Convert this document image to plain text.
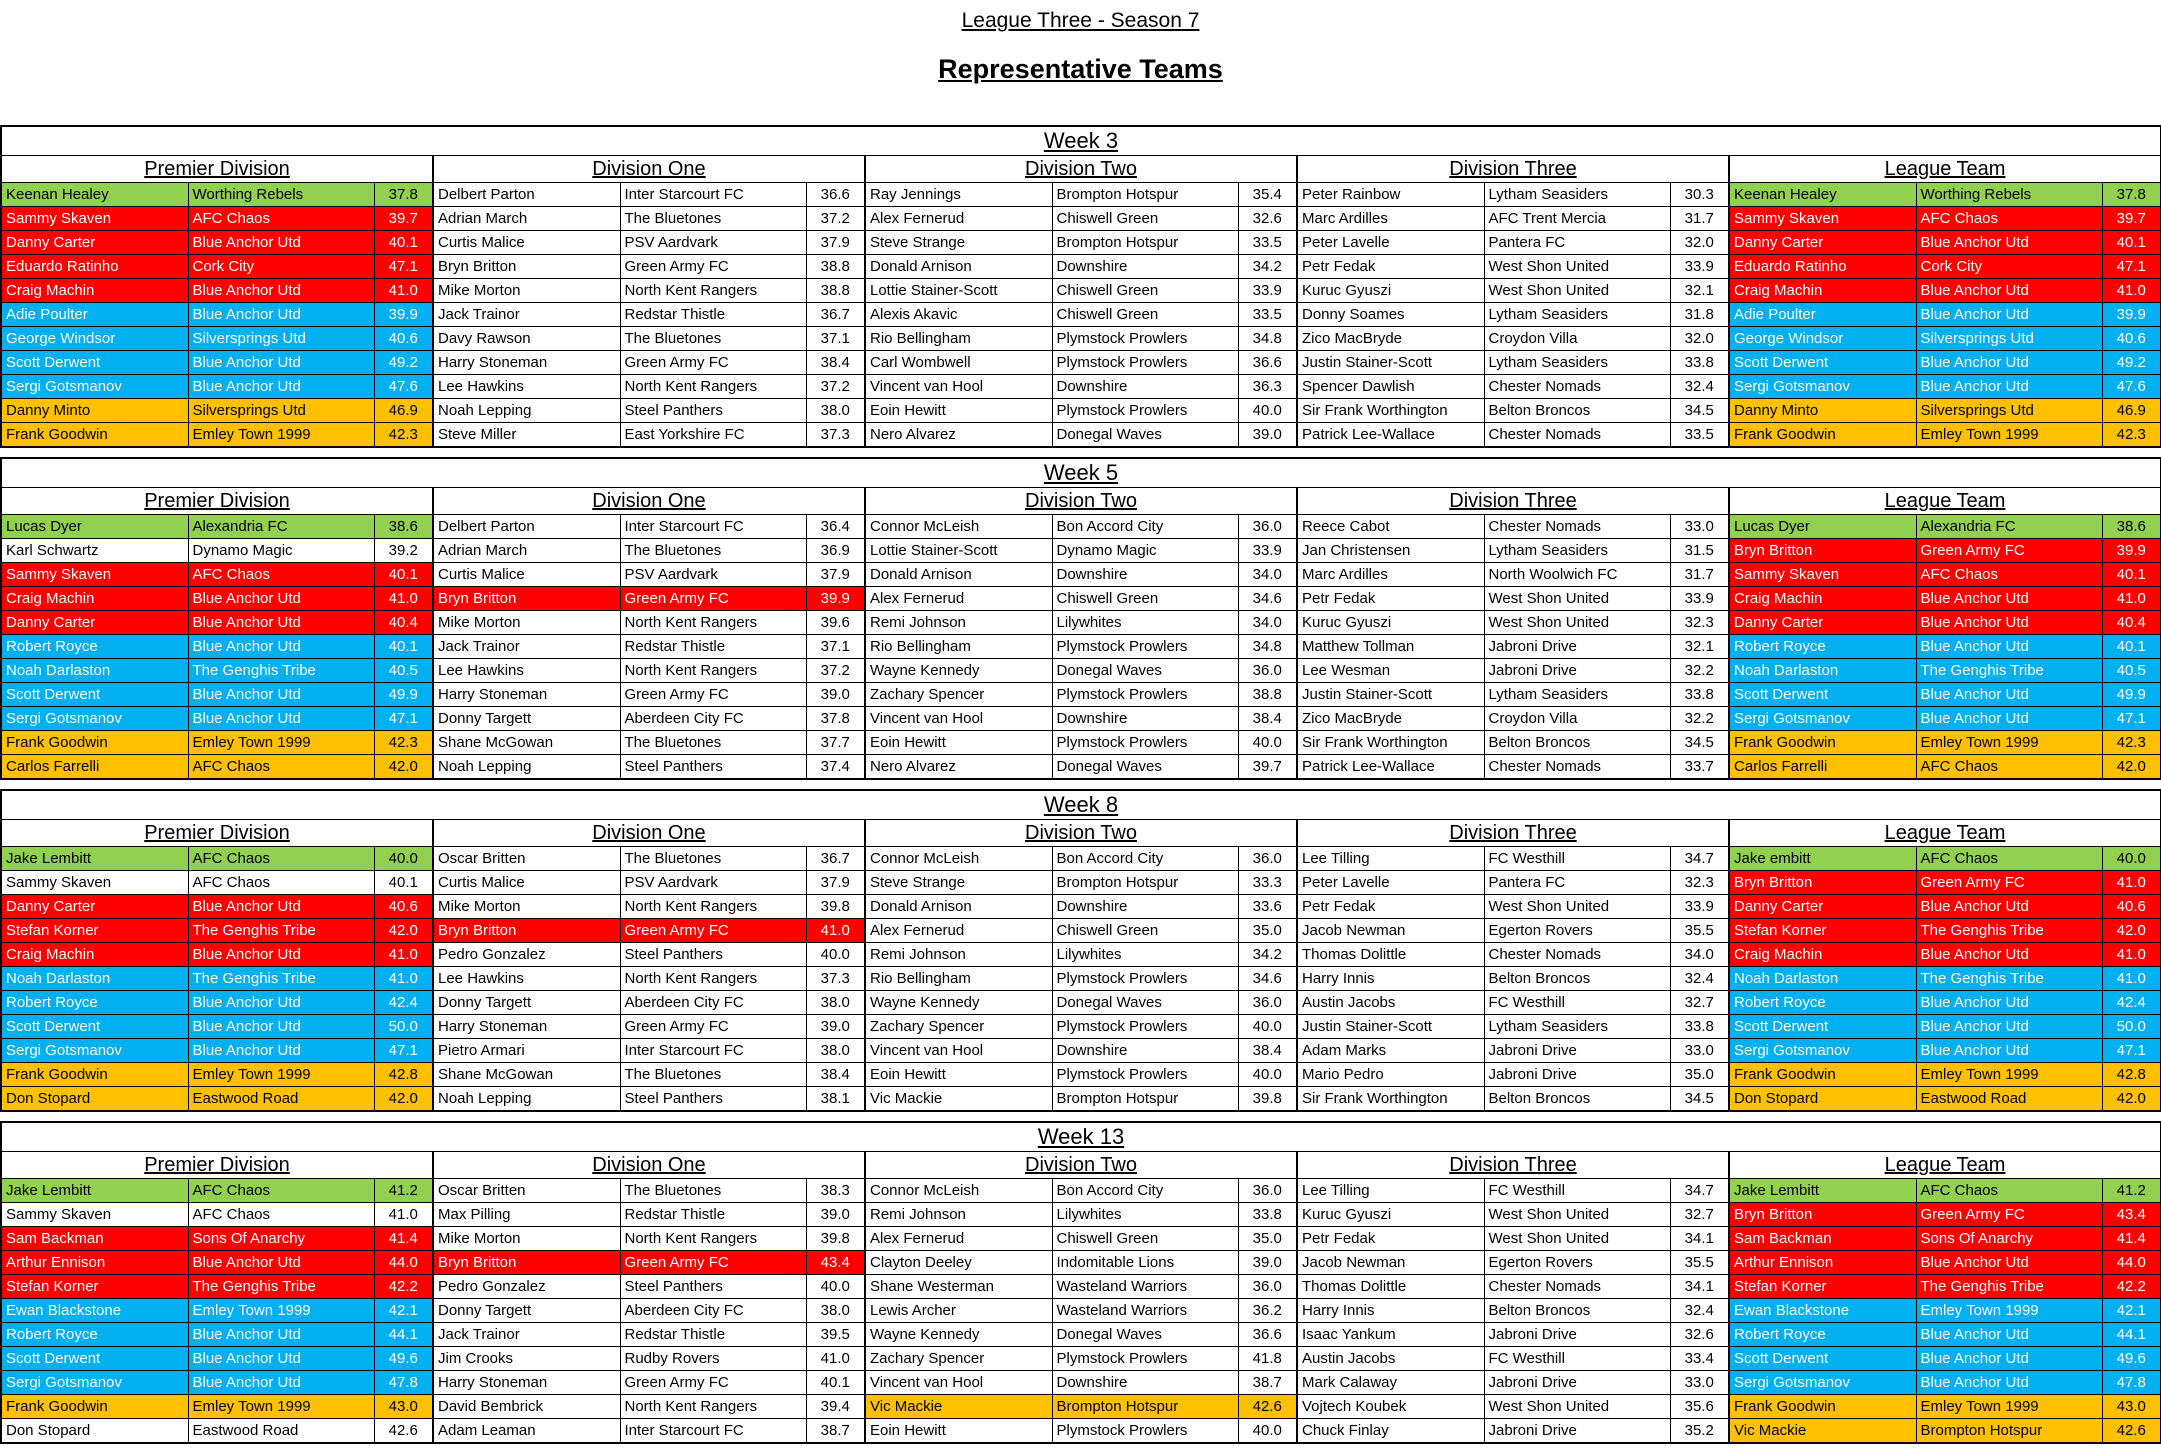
League Three - Season 7
Representative Teams
Week 3														
Premier Division			Division One			Division Two			Division Three			League Team		
Keenan Healey	Worthing Rebels	37.8	Delbert Parton	Inter Starcourt FC	36.6	Ray Jennings	Brompton Hotspur	35.4	Peter Rainbow	Lytham Seasiders	30.3	Keenan Healey	Worthing Rebels	37.8
Sammy Skaven	AFC Chaos	39.7	Adrian March	The Bluetones	37.2	Alex Fernerud	Chiswell Green	32.6	Marc Ardilles	AFC Trent Mercia	31.7	Sammy Skaven	AFC Chaos	39.7
Danny Carter	Blue Anchor Utd	40.1	Curtis Malice	PSV Aardvark	37.9	Steve Strange	Brompton Hotspur	33.5	Peter Lavelle	Pantera FC	32.0	Danny Carter	Blue Anchor Utd	40.1
Eduardo Ratinho	Cork City	47.1	Bryn Britton	Green Army FC	38.8	Donald Arnison	Downshire	34.2	Petr Fedak	West Shon United	33.9	Eduardo Ratinho	Cork City	47.1
Craig Machin	Blue Anchor Utd	41.0	Mike Morton	North Kent Rangers	38.8	Lottie Stainer-Scott	Chiswell Green	33.9	Kuruc Gyuszi	West Shon United	32.1	Craig Machin	Blue Anchor Utd	41.0
Adie Poulter	Blue Anchor Utd	39.9	Jack Trainor	Redstar Thistle	36.7	Alexis Akavic	Chiswell Green	33.5	Donny Soames	Lytham Seasiders	31.8	Adie Poulter	Blue Anchor Utd	39.9
George Windsor	Silversprings Utd	40.6	Davy Rawson	The Bluetones	37.1	Rio Bellingham	Plymstock Prowlers	34.8	Zico MacBryde	Croydon Villa	32.0	George Windsor	Silversprings Utd	40.6
Scott Derwent	Blue Anchor Utd	49.2	Harry Stoneman	Green Army FC	38.4	Carl Wombwell	Plymstock Prowlers	36.6	Justin Stainer-Scott	Lytham Seasiders	33.8	Scott Derwent	Blue Anchor Utd	49.2
Sergi Gotsmanov	Blue Anchor Utd	47.6	Lee Hawkins	North Kent Rangers	37.2	Vincent van Hool	Downshire	36.3	Spencer Dawlish	Chester Nomads	32.4	Sergi Gotsmanov	Blue Anchor Utd	47.6
Danny Minto	Silversprings Utd	46.9	Noah Lepping	Steel Panthers	38.0	Eoin Hewitt	Plymstock Prowlers	40.0	Sir Frank Worthington	Belton Broncos	34.5	Danny Minto	Silversprings Utd	46.9
Frank Goodwin	Emley Town 1999	42.3	Steve Miller	East Yorkshire FC	37.3	Nero Alvarez	Donegal Waves	39.0	Patrick Lee-Wallace	Chester Nomads	33.5	Frank Goodwin	Emley Town 1999	42.3
Week 5														
Premier Division			Division One			Division Two			Division Three			League Team		
Lucas Dyer	Alexandria FC	38.6	Delbert Parton	Inter Starcourt FC	36.4	Connor McLeish	Bon Accord City	36.0	Reece Cabot	Chester Nomads	33.0	Lucas Dyer	Alexandria FC	38.6
Karl Schwartz	Dynamo Magic	39.2	Adrian March	The Bluetones	36.9	Lottie Stainer-Scott	Dynamo Magic	33.9	Jan Christensen	Lytham Seasiders	31.5	Bryn Britton	Green Army FC	39.9
Sammy Skaven	AFC Chaos	40.1	Curtis Malice	PSV Aardvark	37.9	Donald Arnison	Downshire	34.0	Marc Ardilles	North Woolwich FC	31.7	Sammy Skaven	AFC Chaos	40.1
Craig Machin	Blue Anchor Utd	41.0	Bryn Britton	Green Army FC	39.9	Alex Fernerud	Chiswell Green	34.6	Petr Fedak	West Shon United	33.9	Craig Machin	Blue Anchor Utd	41.0
Danny Carter	Blue Anchor Utd	40.4	Mike Morton	North Kent Rangers	39.6	Remi Johnson	Lilywhites	34.0	Kuruc Gyuszi	West Shon United	32.3	Danny Carter	Blue Anchor Utd	40.4
Robert Royce	Blue Anchor Utd	40.1	Jack Trainor	Redstar Thistle	37.1	Rio Bellingham	Plymstock Prowlers	34.8	Matthew Tollman	Jabroni Drive	32.1	Robert Royce	Blue Anchor Utd	40.1
Noah Darlaston	The Genghis Tribe	40.5	Lee Hawkins	North Kent Rangers	37.2	Wayne Kennedy	Donegal Waves	36.0	Lee Wesman	Jabroni Drive	32.2	Noah Darlaston	The Genghis Tribe	40.5
Scott Derwent	Blue Anchor Utd	49.9	Harry Stoneman	Green Army FC	39.0	Zachary Spencer	Plymstock Prowlers	38.8	Justin Stainer-Scott	Lytham Seasiders	33.8	Scott Derwent	Blue Anchor Utd	49.9
Sergi Gotsmanov	Blue Anchor Utd	47.1	Donny Targett	Aberdeen City FC	37.8	Vincent van Hool	Downshire	38.4	Zico MacBryde	Croydon Villa	32.2	Sergi Gotsmanov	Blue Anchor Utd	47.1
Frank Goodwin	Emley Town 1999	42.3	Shane McGowan	The Bluetones	37.7	Eoin Hewitt	Plymstock Prowlers	40.0	Sir Frank Worthington	Belton Broncos	34.5	Frank Goodwin	Emley Town 1999	42.3
Carlos Farrelli	AFC Chaos	42.0	Noah Lepping	Steel Panthers	37.4	Nero Alvarez	Donegal Waves	39.7	Patrick Lee-Wallace	Chester Nomads	33.7	Carlos Farrelli	AFC Chaos	42.0
Week 8														
Premier Division			Division One			Division Two			Division Three			League Team		
Jake Lembitt	AFC Chaos	40.0	Oscar Britten	The Bluetones	36.7	Connor McLeish	Bon Accord City	36.0	Lee Tilling	FC Westhill	34.7	Jake embitt	AFC Chaos	40.0
Sammy Skaven	AFC Chaos	40.1	Curtis Malice	PSV Aardvark	37.9	Steve Strange	Brompton Hotspur	33.3	Peter Lavelle	Pantera FC	32.3	Bryn Britton	Green Army FC	41.0
Danny Carter	Blue Anchor Utd	40.6	Mike Morton	North Kent Rangers	39.8	Donald Arnison	Downshire	33.6	Petr Fedak	West Shon United	33.9	Danny Carter	Blue Anchor Utd	40.6
Stefan Korner	The Genghis Tribe	42.0	Bryn Britton	Green Army FC	41.0	Alex Fernerud	Chiswell Green	35.0	Jacob Newman	Egerton Rovers	35.5	Stefan Korner	The Genghis Tribe	42.0
Craig Machin	Blue Anchor Utd	41.0	Pedro Gonzalez	Steel Panthers	40.0	Remi Johnson	Lilywhites	34.2	Thomas Dolittle	Chester Nomads	34.0	Craig Machin	Blue Anchor Utd	41.0
Noah Darlaston	The Genghis Tribe	41.0	Lee Hawkins	North Kent Rangers	37.3	Rio Bellingham	Plymstock Prowlers	34.6	Harry Innis	Belton Broncos	32.4	Noah Darlaston	The Genghis Tribe	41.0
Robert Royce	Blue Anchor Utd	42.4	Donny Targett	Aberdeen City FC	38.0	Wayne Kennedy	Donegal Waves	36.0	Austin Jacobs	FC Westhill	32.7	Robert Royce	Blue Anchor Utd	42.4
Scott Derwent	Blue Anchor Utd	50.0	Harry Stoneman	Green Army FC	39.0	Zachary Spencer	Plymstock Prowlers	40.0	Justin Stainer-Scott	Lytham Seasiders	33.8	Scott Derwent	Blue Anchor Utd	50.0
Sergi Gotsmanov	Blue Anchor Utd	47.1	Pietro Armari	Inter Starcourt FC	38.0	Vincent van Hool	Downshire	38.4	Adam Marks	Jabroni Drive	33.0	Sergi Gotsmanov	Blue Anchor Utd	47.1
Frank Goodwin	Emley Town 1999	42.8	Shane McGowan	The Bluetones	38.4	Eoin Hewitt	Plymstock Prowlers	40.0	Mario Pedro	Jabroni Drive	35.0	Frank Goodwin	Emley Town 1999	42.8
Don Stopard	Eastwood Road	42.0	Noah Lepping	Steel Panthers	38.1	Vic Mackie	Brompton Hotspur	39.8	Sir Frank Worthington	Belton Broncos	34.5	Don Stopard	Eastwood Road	42.0
Week 13														
Premier Division			Division One			Division Two			Division Three			League Team		
Jake Lembitt	AFC Chaos	41.2	Oscar Britten	The Bluetones	38.3	Connor McLeish	Bon Accord City	36.0	Lee Tilling	FC Westhill	34.7	Jake Lembitt	AFC Chaos	41.2
Sammy Skaven	AFC Chaos	41.0	Max Pilling	Redstar Thistle	39.0	Remi Johnson	Lilywhites	33.8	Kuruc Gyuszi	West Shon United	32.7	Bryn Britton	Green Army FC	43.4
Sam Backman	Sons Of Anarchy	41.4	Mike Morton	North Kent Rangers	39.8	Alex Fernerud	Chiswell Green	35.0	Petr Fedak	West Shon United	34.1	Sam Backman	Sons Of Anarchy	41.4
Arthur Ennison	Blue Anchor Utd	44.0	Bryn Britton	Green Army FC	43.4	Clayton Deeley	Indomitable Lions	39.0	Jacob Newman	Egerton Rovers	35.5	Arthur Ennison	Blue Anchor Utd	44.0
Stefan Korner	The Genghis Tribe	42.2	Pedro Gonzalez	Steel Panthers	40.0	Shane Westerman	Wasteland Warriors	36.0	Thomas Dolittle	Chester Nomads	34.1	Stefan Korner	The Genghis Tribe	42.2
Ewan Blackstone	Emley Town 1999	42.1	Donny Targett	Aberdeen City FC	38.0	Lewis Archer	Wasteland Warriors	36.2	Harry Innis	Belton Broncos	32.4	Ewan Blackstone	Emley Town 1999	42.1
Robert Royce	Blue Anchor Utd	44.1	Jack Trainor	Redstar Thistle	39.5	Wayne Kennedy	Donegal Waves	36.6	Isaac Yankum	Jabroni Drive	32.6	Robert Royce	Blue Anchor Utd	44.1
Scott Derwent	Blue Anchor Utd	49.6	Jim Crooks	Rudby Rovers	41.0	Zachary Spencer	Plymstock Prowlers	41.8	Austin Jacobs	FC Westhill	33.4	Scott Derwent	Blue Anchor Utd	49.6
Sergi Gotsmanov	Blue Anchor Utd	47.8	Harry Stoneman	Green Army FC	40.1	Vincent van Hool	Downshire	38.7	Mark Calaway	Jabroni Drive	33.0	Sergi Gotsmanov	Blue Anchor Utd	47.8
Frank Goodwin	Emley Town 1999	43.0	David Bembrick	North Kent Rangers	39.4	Vic Mackie	Brompton Hotspur	42.6	Vojtech Koubek	West Shon United	35.6	Frank Goodwin	Emley Town 1999	43.0
Don Stopard	Eastwood Road	42.6	Adam Leaman	Inter Starcourt FC	38.7	Eoin Hewitt	Plymstock Prowlers	40.0	Chuck Finlay	Jabroni Drive	35.2	Vic Mackie	Brompton Hotspur	42.6
